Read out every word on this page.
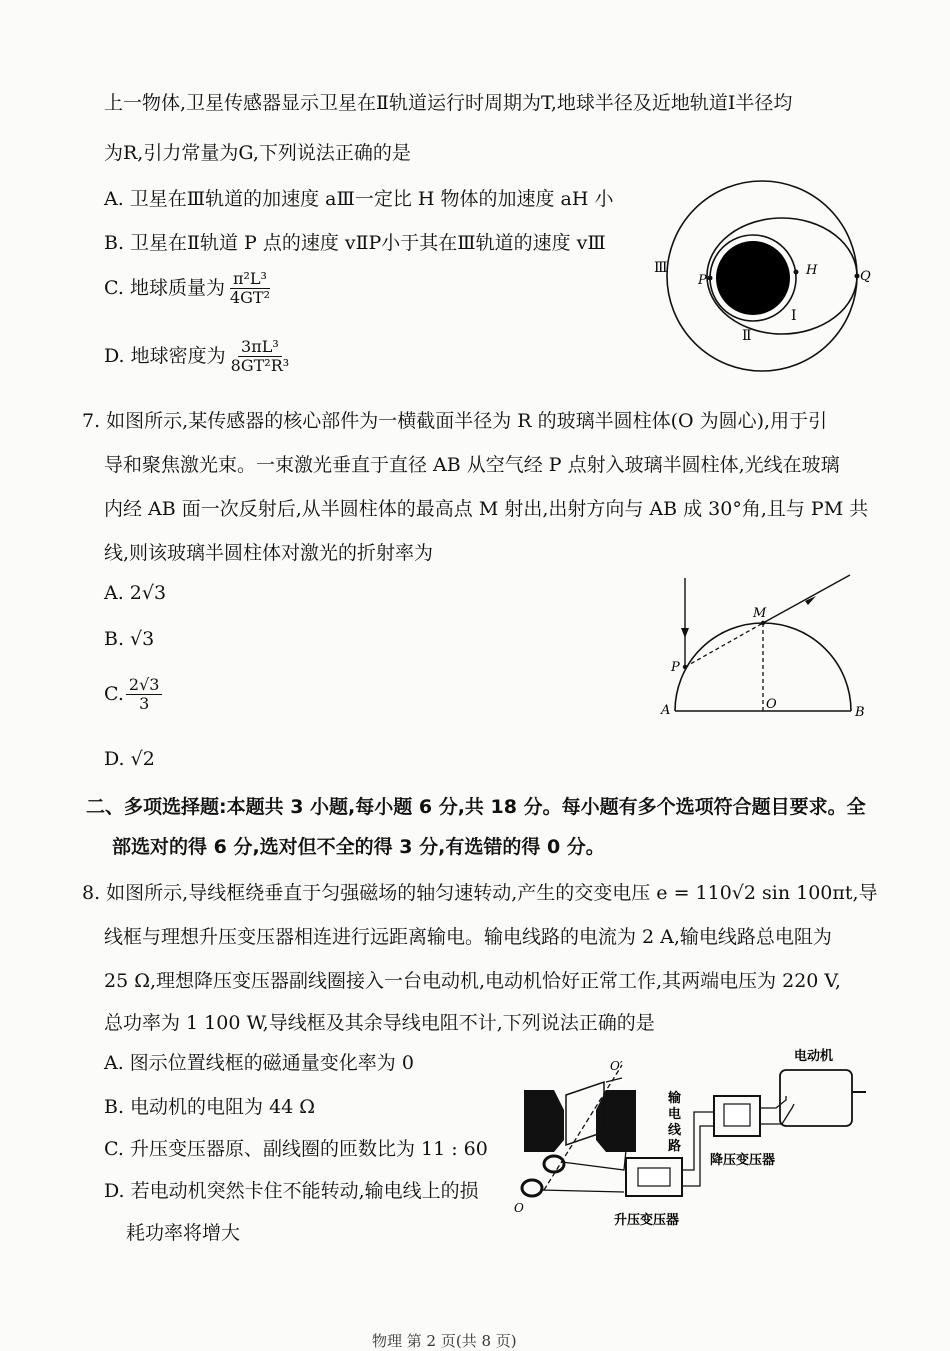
上一物体,卫星传感器显示卫星在Ⅱ轨道运行时周期为T,地球半径及近地轨道Ⅰ半径均
为R,引力常量为G,下列说法正确的是
A. 卫星在Ⅲ轨道的加速度 aⅢ一定比 H 物体的加速度 aH 小
B. 卫星在Ⅱ轨道 P 点的速度 vⅡP小于其在Ⅲ轨道的速度 vⅢ
C. 地球质量为 $\frac{\text{π²L³}}{\text{4GT²}}$
D. 地球密度为 $\frac{\text{3πL³}}{\text{8GT²R³}}$
Ⅲ
Ⅱ
Ⅰ
P
H	Q
7. 如图所示,某传感器的核心部件为一横截面半径为 R 的玻璃半圆柱体(O 为圆心),用于引
导和聚焦激光束。一束激光垂直于直径 AB 从空气经 P 点射入玻璃半圆柱体,光线在玻璃
内经 AB 面一次反射后,从半圆柱体的最高点 M 射出,出射方向与 AB 成 30°角,且与 PM 共
线,则该玻璃半圆柱体对激光的折射率为
A. 2√3
B. √3
C. $\frac{2√3}{3}$
D. √2
M
P
A	O
B
二、多项选择题:本题共 3 小题,每小题 6 分,共 18 分。每小题有多个选项符合题目要求。全
部选对的得 6 分,选对但不全的得 3 分,有选错的得 0 分。
8. 如图所示,导线框绕垂直于匀强磁场的轴匀速转动,产生的交变电压 e = 110√2 sin 100πt,导
线框与理想升压变压器相连进行远距离输电。输电线路的电流为 2 A,输电线路总电阻为
25 Ω,理想降压变压器副线圈接入一台电动机,电动机恰好正常工作,其两端电压为 220 V,
总功率为 1 100 W,导线框及其余导线电阻不计,下列说法正确的是
A. 图示位置线框的磁通量变化率为 0
B. 电动机的电阻为 44 Ω
C. 升压变压器原、副线圈的匝数比为 11 : 60
D. 若电动机突然卡住不能转动,输电线上的损
耗功率将增大
O′
O
升压变压器
输
电
线
路
降压变压器
电动机
物理 第 2 页(共 8 页)
